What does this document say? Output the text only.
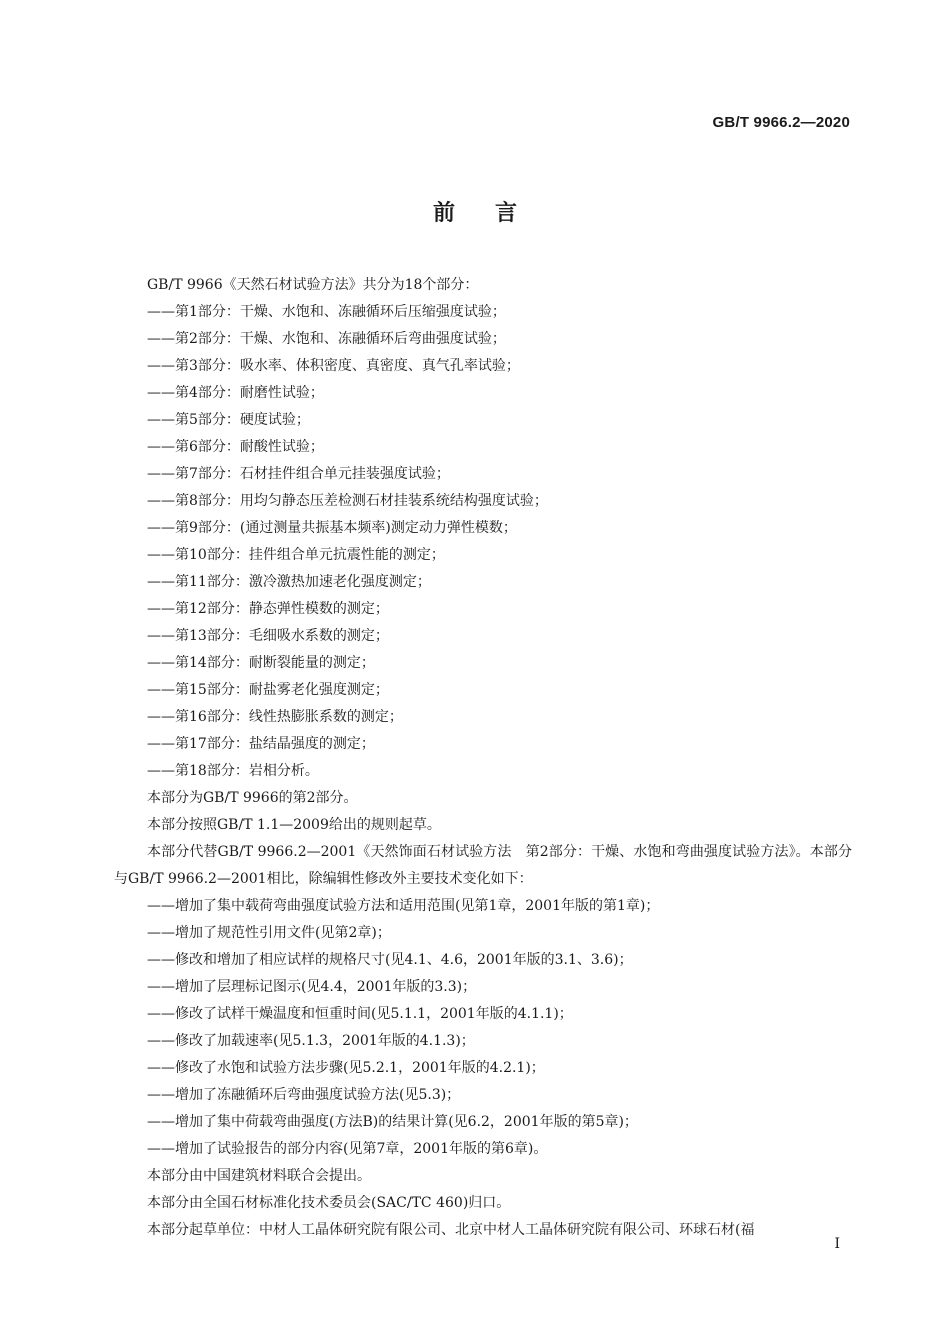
GB/T 9966.2—2020
前言

GB/T 9966《天然石材试验方法》共分为18个部分：

——第1部分：干燥、水饱和、冻融循环后压缩强度试验；

——第2部分：干燥、水饱和、冻融循环后弯曲强度试验；

——第3部分：吸水率、体积密度、真密度、真气孔率试验；

——第4部分：耐磨性试验；

——第5部分：硬度试验；

——第6部分：耐酸性试验；

——第7部分：石材挂件组合单元挂装强度试验；

——第8部分：用均匀静态压差检测石材挂装系统结构强度试验；

——第9部分：(通过测量共振基本频率)测定动力弹性模数；

——第10部分：挂件组合单元抗震性能的测定；

——第11部分：激冷激热加速老化强度测定；

——第12部分：静态弹性模数的测定；

——第13部分：毛细吸水系数的测定；

——第14部分：耐断裂能量的测定；

——第15部分：耐盐雾老化强度测定；

——第16部分：线性热膨胀系数的测定；

——第17部分：盐结晶强度的测定；

——第18部分：岩相分析。

本部分为GB/T 9966的第2部分。

本部分按照GB/T 1.1—2009给出的规则起草。

本部分代替GB/T 9966.2—2001《天然饰面石材试验方法　第2部分：干燥、水饱和弯曲强度试验方法》。本部分与GB/T 9966.2—2001相比，除编辑性修改外主要技术变化如下：

——增加了集中载荷弯曲强度试验方法和适用范围(见第1章，2001年版的第1章)；

——增加了规范性引用文件(见第2章)；

——修改和增加了相应试样的规格尺寸(见4.1、4.6，2001年版的3.1、3.6)；

——增加了层理标记图示(见4.4，2001年版的3.3)；

——修改了试样干燥温度和恒重时间(见5.1.1，2001年版的4.1.1)；

——修改了加载速率(见5.1.3，2001年版的4.1.3)；

——修改了水饱和试验方法步骤(见5.2.1，2001年版的4.2.1)；

——增加了冻融循环后弯曲强度试验方法(见5.3)；

——增加了集中荷载弯曲强度(方法B)的结果计算(见6.2，2001年版的第5章)；

——增加了试验报告的部分内容(见第7章，2001年版的第6章)。

本部分由中国建筑材料联合会提出。

本部分由全国石材标准化技术委员会(SAC/TC 460)归口。

本部分起草单位：中材人工晶体研究院有限公司、北京中材人工晶体研究院有限公司、环球石材(福

I
